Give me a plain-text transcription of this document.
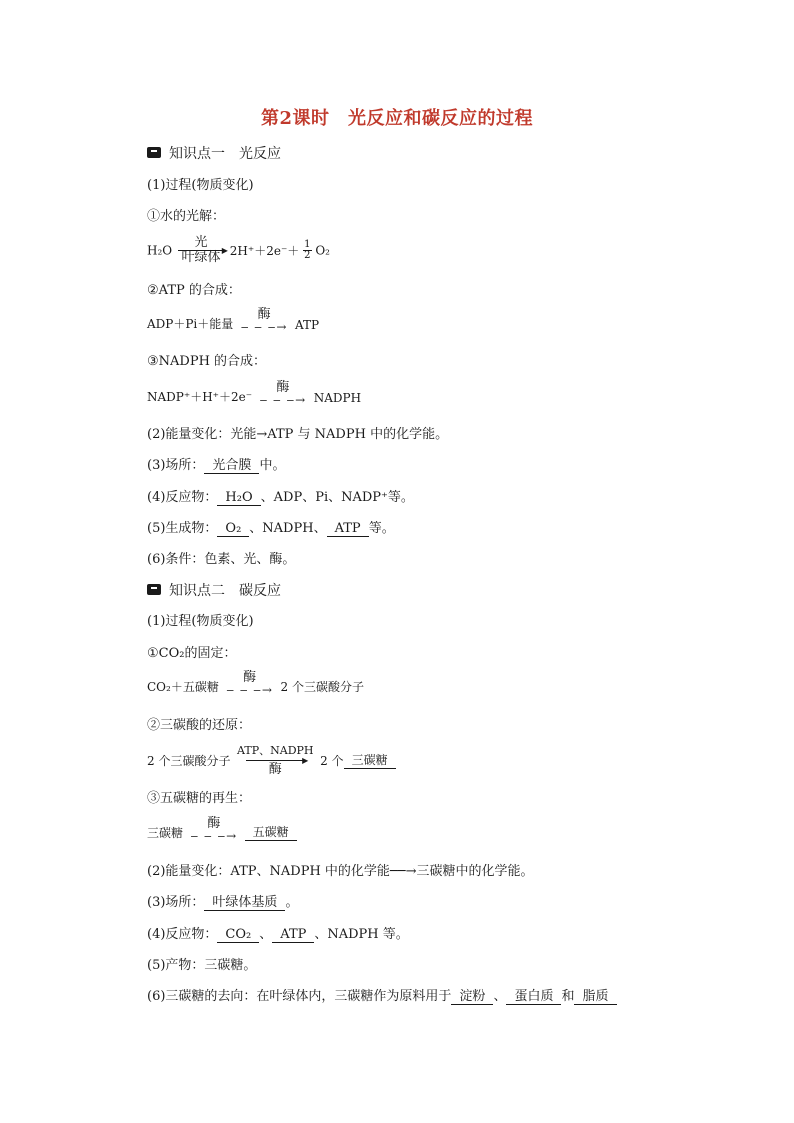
第2课时　光反应和碳反应的过程
知识点一　光反应
(1)过程(物质变化)
①水的光解：
H₂O
光
▶
叶绿体 $2H^++2e^-+ \frac{1}{2} O_2$
②ATP 的合成：
ADP＋Pi＋能量
酶
‒ ‒ ‒→ ATP
③NADPH 的合成：
NADP⁺＋H⁺＋2e⁻
酶
‒ ‒ ‒→ NADPH
(2)能量变化：光能→ATP 与 NADPH 中的化学能。
(3)场所： 光合膜 中。
(4)反应物： H₂O 、ADP、Pi、NADP⁺等。
(5)生成物： O₂ 、NADPH、 ATP 等。
(6)条件：色素、光、酶。
知识点二　碳反应
(1)过程(物质变化)
①CO₂的固定：
CO₂＋五碳糖
酶
‒ ‒ ‒→ 2 个三碳酸分子
②三碳酸的还原：
2 个三碳酸分子
ATP、NADPH
▶
酶
2 个 三碳糖
③五碳糖的再生：
三碳糖
酶
‒ ‒ ‒→ 五碳糖
(2)能量变化：ATP、NADPH 中的化学能──→三碳糖中的化学能。
(3)场所： 叶绿体基质 。
(4)反应物： CO₂ 、 ATP 、NADPH 等。
(5)产物：三碳糖。
(6)三碳糖的去向：在叶绿体内，三碳糖作为原料用于 淀粉 、 蛋白质 和 脂质
